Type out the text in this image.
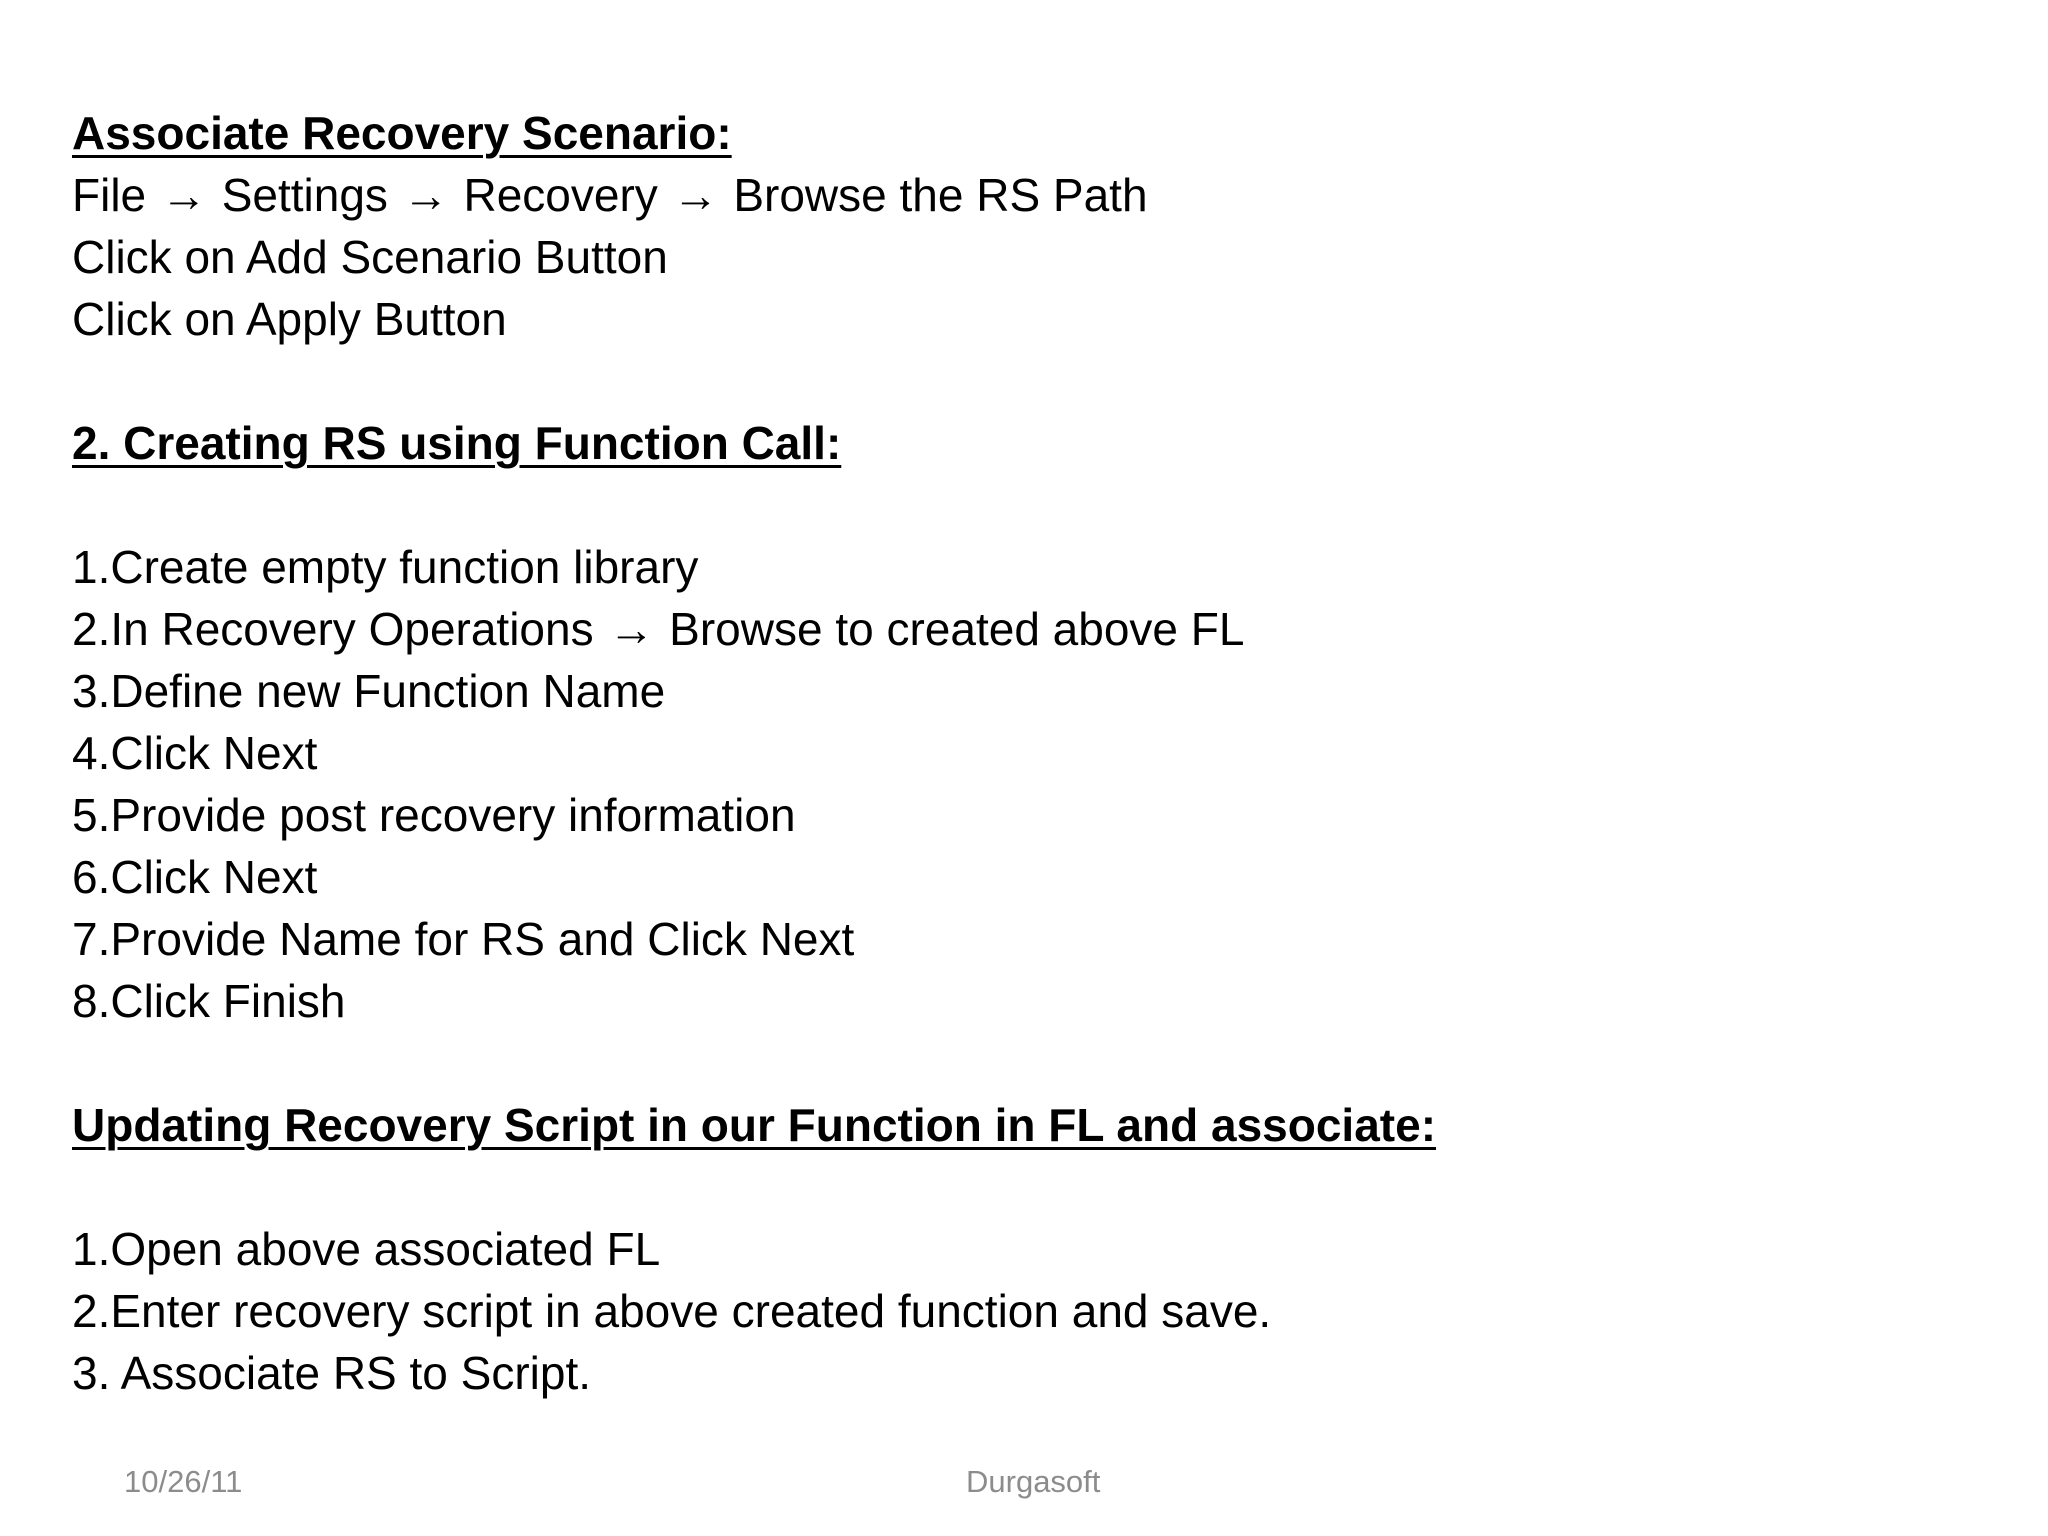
Associate Recovery Scenario:
File → Settings → Recovery → Browse the RS Path
Click on Add Scenario Button
Click on Apply Button
2. Creating RS using Function Call:
1.Create empty function library
2.In Recovery Operations → Browse to created above FL
3.Define new Function Name
4.Click Next
5.Provide post recovery information
6.Click Next
7.Provide Name for RS and Click Next
8.Click Finish
Updating Recovery Script in our Function in FL and associate:
1.Open above associated FL
2.Enter recovery script in above created function and save.
3. Associate RS to Script.
10/26/11	Durgasoft
